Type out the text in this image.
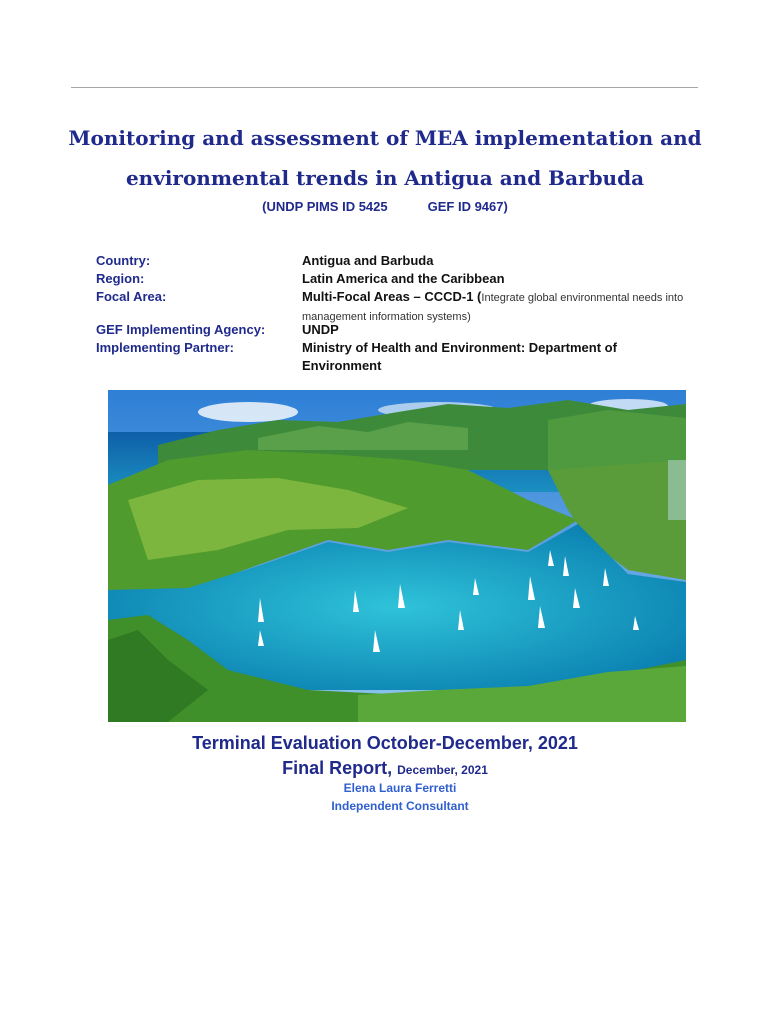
Monitoring and assessment of MEA implementation and
environmental trends in Antigua and Barbuda
(UNDP PIMS ID 5425	GEF ID 9467)
Country:	Antigua and Barbuda
Region:	Latin America and the Caribbean
Focal Area:	Multi-Focal Areas – CCCD-1 (Integrate global environmental needs into management information systems)
GEF Implementing Agency:	UNDP
Implementing Partner:	Ministry of Health and Environment: Department of Environment
Terminal Evaluation October-December, 2021
Final Report, December, 2021
Elena Laura Ferretti
Independent Consultant
